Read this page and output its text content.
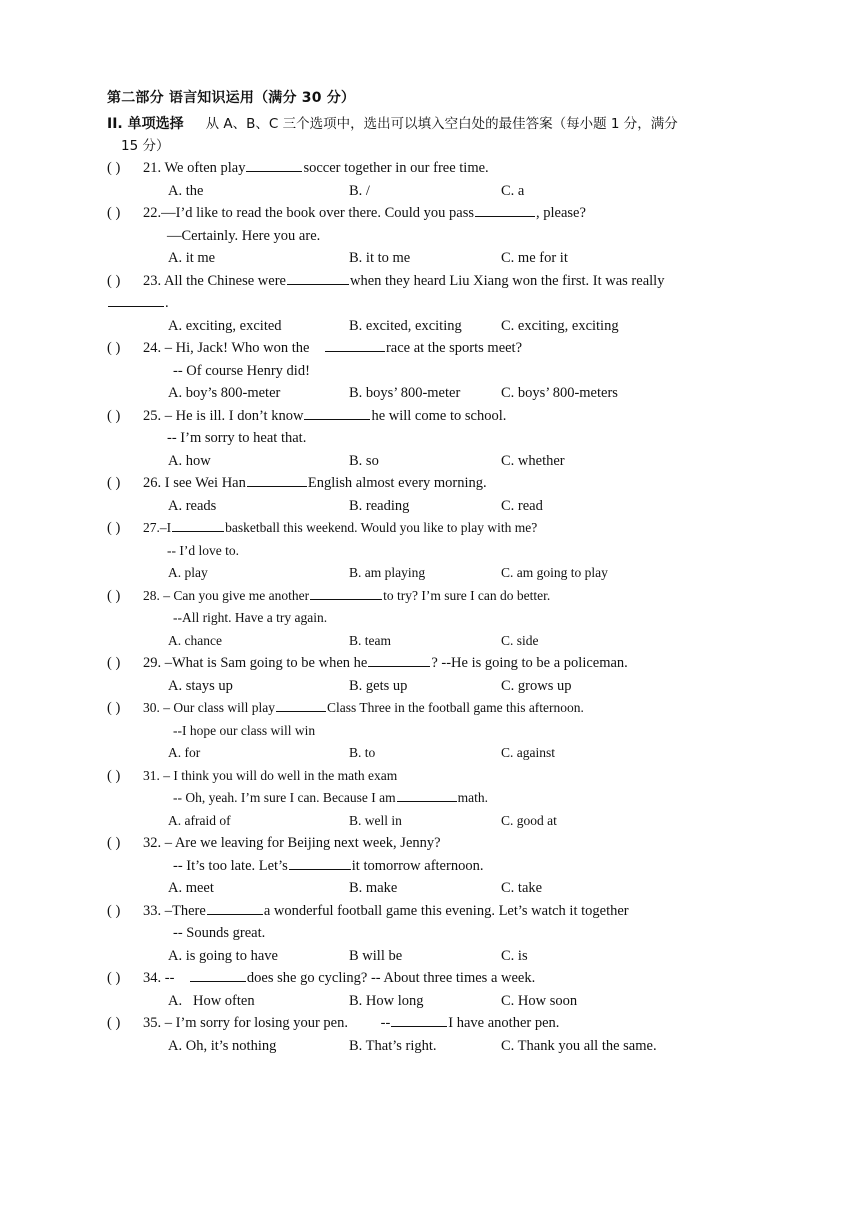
第二部分 语言知识运用（满分 30 分）
II. 单项选择 从 A、B、C 三个选项中，选出可以填入空白处的最佳答案（每小题 1 分，满分
15 分）
( ) 21. We often play	soccer together in our free time.
A. the	B. /	C. a
( ) 22.—I’d like to read the book over there. Could you pass	, please?
—Certainly. Here you are.
A. it me	B. it to me	C. me for it
( ) 23. All the Chinese were	when they heard Liu Xiang won the first. It was really
.
A. exciting, excited	B. excited, exciting	C. exciting, exciting
( ) 24. – Hi, Jack! Who won the	race at the sports meet?
-- Of course Henry did!
A. boy’s 800-meter	B. boys’ 800-meter	C. boys’ 800-meters
( ) 25. – He is ill. I don’t know	he will come to school.
-- I’m sorry to heat that.
A. how	B. so	C. whether
( ) 26. I see Wei Han	English almost every morning.
A. reads	B. reading	C. read
( ) 27.–I	basketball this weekend. Would you like to play with me?
-- I’d love to.
A. play	B. am playing	C. am going to play
( ) 28. – Can you give me another	to try? I’m sure I can do better.
--All right. Have a try again.
A. chance	B. team	C. side
( ) 29. –What is Sam going to be when he	? --He is going to be a policeman.
A. stays up	B. gets up	C. grows up
( ) 30. – Our class will play	Class Three in the football game this afternoon.
--I hope our class will win
A. for	B. to	C. against
( ) 31. – I think you will do well in the math exam
-- Oh, yeah. I’m sure I can. Because I am	math.
A. afraid of	B. well in	C. good at
( ) 32. – Are we leaving for Beijing next week, Jenny?
-- It’s too late. Let’s	it tomorrow afternoon.
A. meet	B. make	C. take
( ) 33. –There	a wonderful football game this evening. Let’s watch it together
-- Sounds great.
A. is going to have	B will be	C. is
( ) 34. --	does she go cycling? -- About three times a week.
A.   How often	B. How long	C. How soon
( ) 35. – I’m sorry for losing your pen. --	I have another pen.
A. Oh, it’s nothing	B. That’s right.	C. Thank you all the same.
